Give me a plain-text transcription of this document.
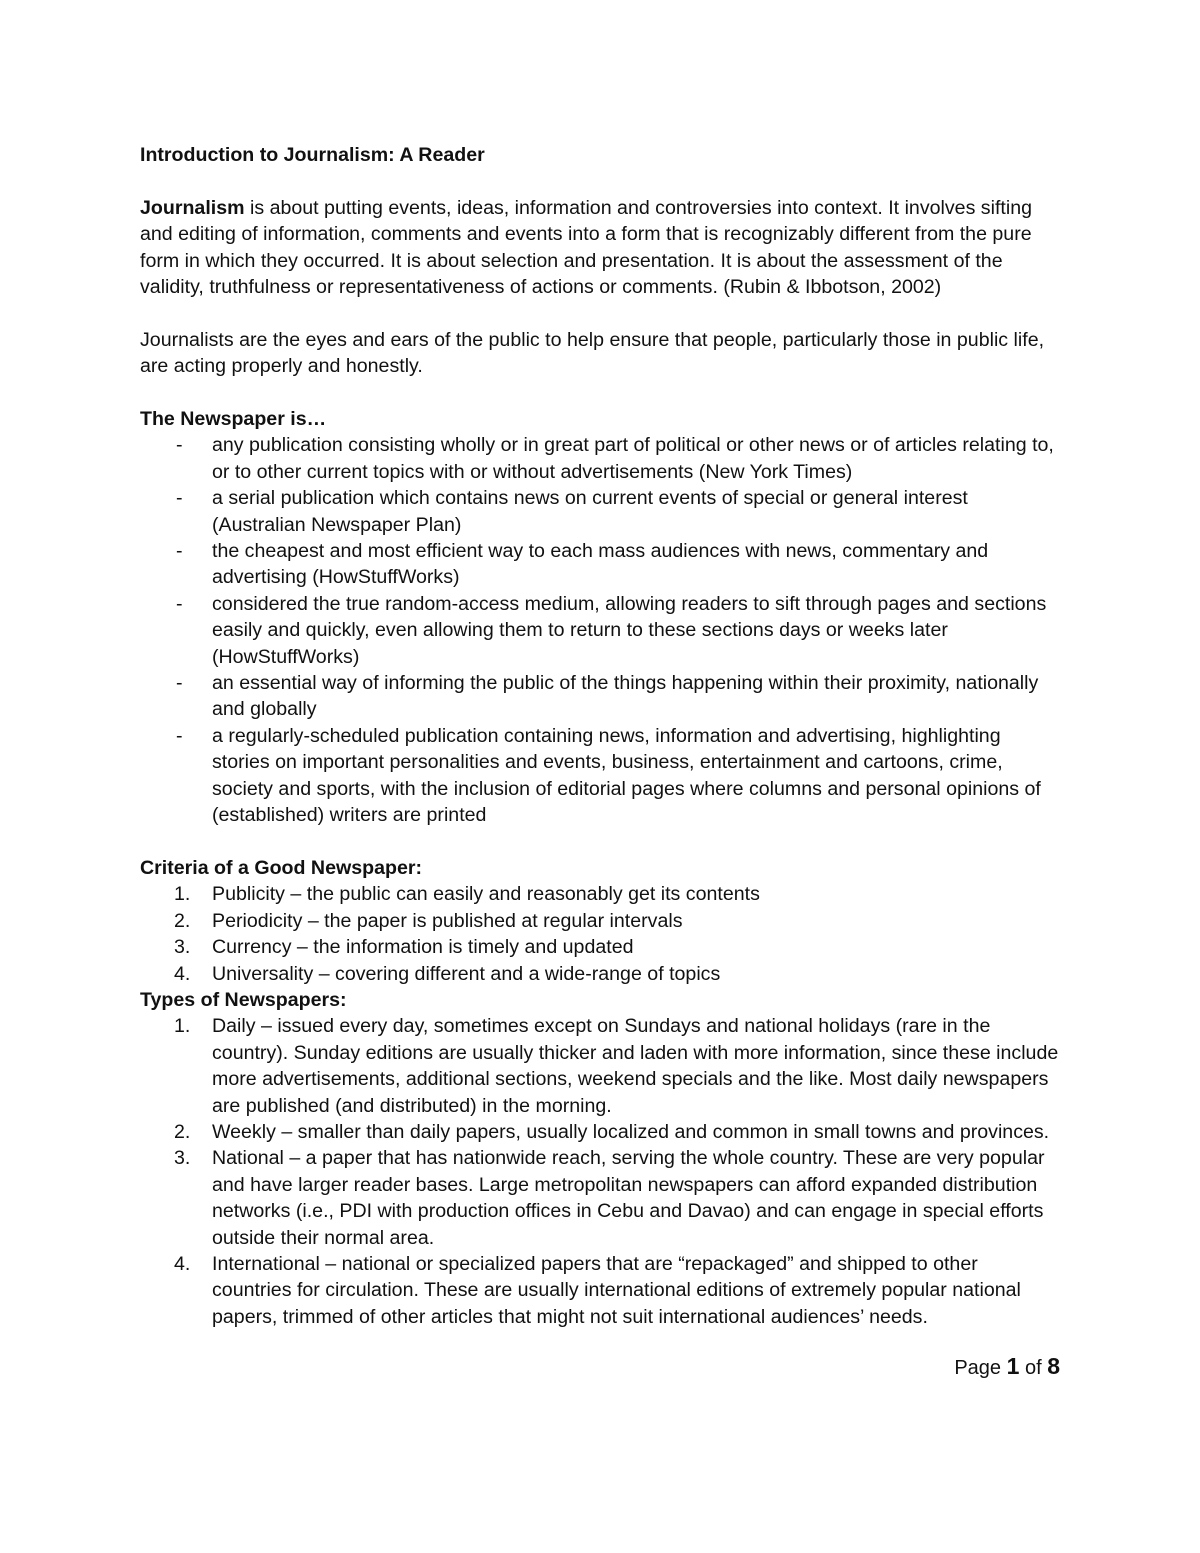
Introduction to Journalism: A Reader

Journalism is about putting events, ideas, information and controversies into context. It involves sifting and editing of information, comments and events into a form that is recognizably different from the pure form in which they occurred. It is about selection and presentation. It is about the assessment of the validity, truthfulness or representativeness of actions or comments. (Rubin & Ibbotson, 2002)

Journalists are the eyes and ears of the public to help ensure that people, particularly those in public life, are acting properly and honestly.

The Newspaper is…

- any publication consisting wholly or in great part of political or other news or of articles relating to, or to other current topics with or without advertisements (New York Times)
- a serial publication which contains news on current events of special or general interest (Australian Newspaper Plan)
- the cheapest and most efficient way to each mass audiences with news, commentary and advertising (HowStuffWorks)
- considered the true random-access medium, allowing readers to sift through pages and sections easily and quickly, even allowing them to return to these sections days or weeks later (HowStuffWorks)
- an essential way of informing the public of the things happening within their proximity, nationally and globally
- a regularly-scheduled publication containing news, information and advertising, highlighting stories on important personalities and events, business, entertainment and cartoons, crime, society and sports, with the inclusion of editorial pages where columns and personal opinions of (established) writers are printed

Criteria of a Good Newspaper:

1. Publicity – the public can easily and reasonably get its contents
2. Periodicity – the paper is published at regular intervals
3. Currency – the information is timely and updated
4. Universality – covering different and a wide-range of topics

Types of Newspapers:

1. Daily – issued every day, sometimes except on Sundays and national holidays (rare in the country). Sunday editions are usually thicker and laden with more information, since these include more advertisements, additional sections, weekend specials and the like. Most daily newspapers are published (and distributed) in the morning.
2. Weekly – smaller than daily papers, usually localized and common in small towns and provinces.
3. National – a paper that has nationwide reach, serving the whole country. These are very popular and have larger reader bases. Large metropolitan newspapers can afford expanded distribution networks (i.e., PDI with production offices in Cebu and Davao) and can engage in special efforts outside their normal area.
4. International – national or specialized papers that are “repackaged” and shipped to other countries for circulation. These are usually international editions of extremely popular national papers, trimmed of other articles that might not suit international audiences’ needs.
Page 1 of 8
